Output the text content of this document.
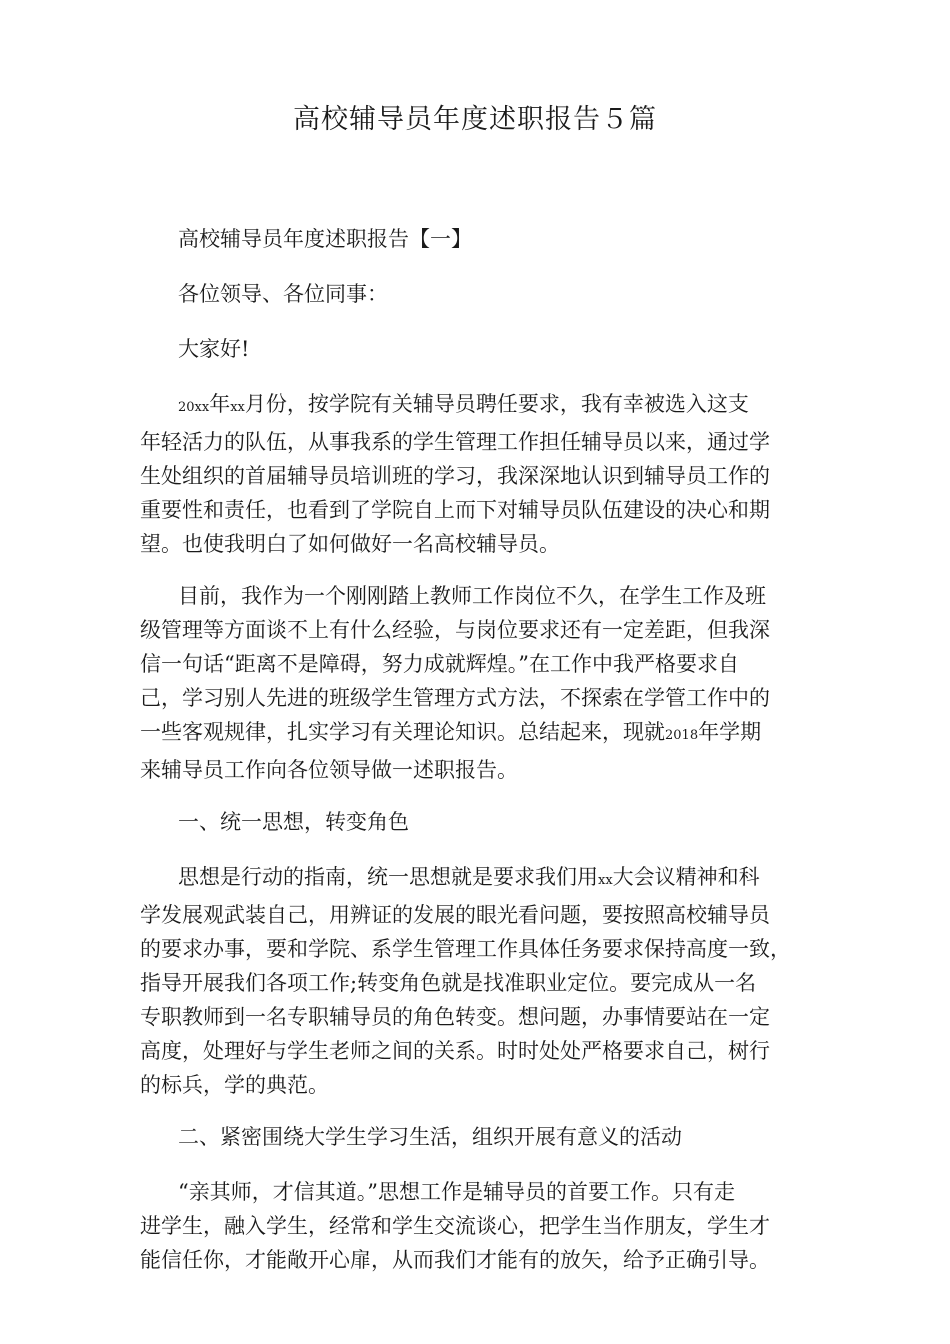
高校辅导员年度述职报告５篇

高校辅导员年度述职报告【一】

各位领导、各位同事：

大家好!

20xx年xx月份，按学院有关辅导员聘任要求，我有幸被选入这支

年轻活力的队伍，从事我系的学生管理工作担任辅导员以来，通过学

生处组织的首届辅导员培训班的学习，我深深地认识到辅导员工作的

重要性和责任，也看到了学院自上而下对辅导员队伍建设的决心和期

望。也使我明白了如何做好一名高校辅导员。

目前，我作为一个刚刚踏上教师工作岗位不久，在学生工作及班

级管理等方面谈不上有什么经验，与岗位要求还有一定差距，但我深

信一句话“距离不是障碍，努力成就辉煌。”在工作中我严格要求自

己，学习别人先进的班级学生管理方式方法，不探索在学管工作中的

一些客观规律，扎实学习有关理论知识。总结起来，现就2018年学期

来辅导员工作向各位领导做一述职报告。

一、统一思想，转变角色

思想是行动的指南，统一思想就是要求我们用xx大会议精神和科

学发展观武装自己，用辨证的发展的眼光看问题，要按照高校辅导员

的要求办事，要和学院、系学生管理工作具体任务要求保持高度一致，

指导开展我们各项工作;转变角色就是找准职业定位。要完成从一名

专职教师到一名专职辅导员的角色转变。想问题，办事情要站在一定

高度，处理好与学生老师之间的关系。时时处处严格要求自己，树行

的标兵，学的典范。

二、紧密围绕大学生学习生活，组织开展有意义的活动

“亲其师，才信其道。”思想工作是辅导员的首要工作。只有走

进学生，融入学生，经常和学生交流谈心，把学生当作朋友，学生才

能信任你，才能敞开心扉，从而我们才能有的放矢，给予正确引导。
